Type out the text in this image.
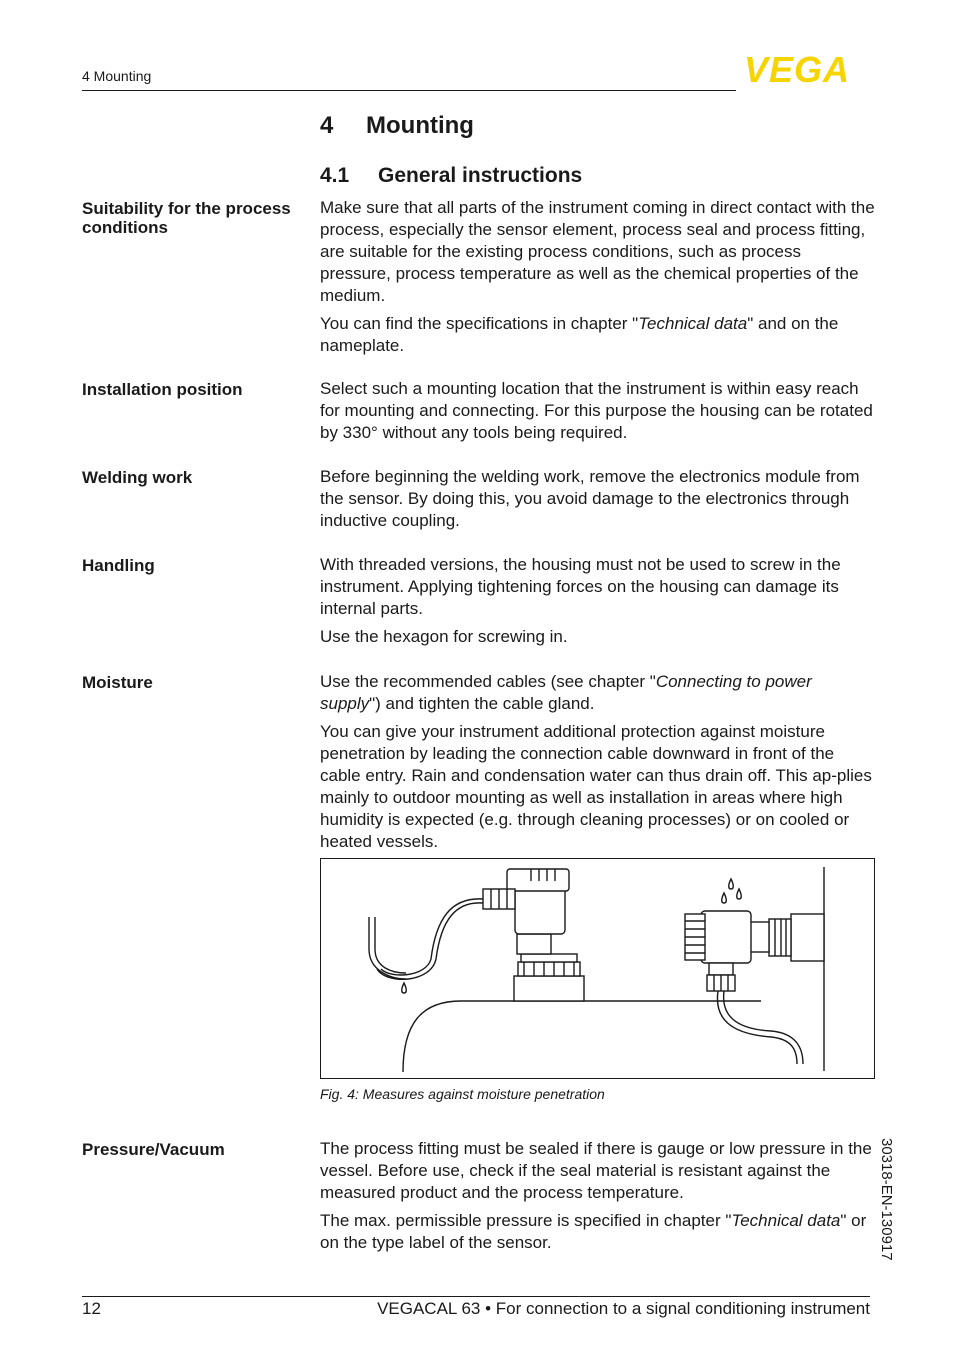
4 Mounting	VEGA
4 Mounting
4.1 General instructions
Suitability for the process conditions

Make sure that all parts of the instrument coming in direct contact with the process, especially the sensor element, process seal and process fitting, are suitable for the existing process conditions, such as process pressure, process temperature as well as the chemical properties of the medium.

You can find the specifications in chapter "Technical data" and on the nameplate.

Installation position	Select such a mounting location that the instrument is within easy reach for mounting and connecting. For this purpose the housing can be rotated by 330° without any tools being required.

Welding work	Before beginning the welding work, remove the electronics module from the sensor. By doing this, you avoid damage to the electronics through inductive coupling.

Handling	With threaded versions, the housing must not be used to screw in the instrument. Applying tightening forces on the housing can damage its internal parts.

Use the hexagon for screwing in.

Moisture	Use the recommended cables (see chapter "Connecting to power supply") and tighten the cable gland.

You can give your instrument additional protection against moisture penetration by leading the connection cable downward in front of the cable entry. Rain and condensation water can thus drain off. This ap-plies mainly to outdoor mounting as well as installation in areas where high humidity is expected (e.g. through cleaning processes) or on cooled or heated vessels.

Fig. 4: Measures against moisture penetration
Pressure/Vacuum	The process fitting must be sealed if there is gauge or low pressure in the vessel. Before use, check if the seal material is resistant against the measured product and the process temperature.

The max. permissible pressure is specified in chapter "Technical data" or on the type label of the sensor.	30318-EN-130917
12	VEGACAL 63 • For connection to a signal conditioning instrument
